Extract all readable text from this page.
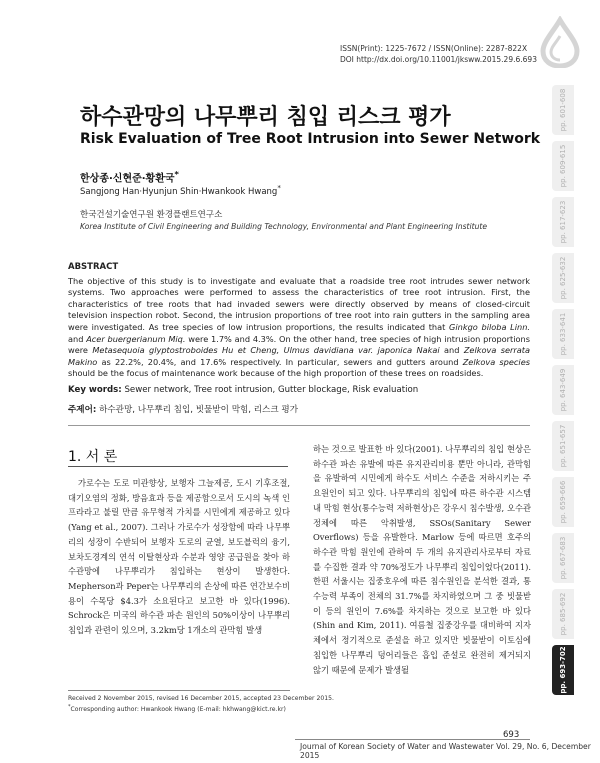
ISSN(Print): 1225-7672 / ISSN(Online): 2287-822X
DOI http://dx.doi.org/10.11001/jksww.2015.29.6.693
하수관망의 나무뿌리 침입 리스크 평가
Risk Evaluation of Tree Root Intrusion into Sewer Network
한상종·신현준·황환국*
Sangjong Han·Hyunjun Shin·Hwankook Hwang*
한국건설기술연구원 환경플랜트연구소
Korea Institute of Civil Engineering and Building Technology, Environmental and Plant Engineering Institute
ABSTRACT
The objective of this study is to investigate and evaluate that a roadside tree root intrudes sewer network systems. Two approaches were performed to assess the characteristics of tree root intrusion. First, the characteristics of tree roots that had invaded sewers were directly observed by means of closed-circuit television inspection robot. Second, the intrusion proportions of tree root into rain gutters in the sampling area were investigated. As tree species of low intrusion proportions, the results indicated that Ginkgo biloba Linn. and Acer buergerianum Miq. were 1.7% and 4.3%. On the other hand, tree species of high intrusion proportions were Metasequoia glyptostroboides Hu et Cheng, Ulmus davidiana var. japonica Nakai and Zelkova serrata Makino as 22.2%, 20.4%, and 17.6% respectively. In particular, sewers and gutters around Zelkova species should be the focus of maintenance work because of the high proportion of these trees on roadsides.
Key words: Sewer network, Tree root intrusion, Gutter blockage, Risk evaluation
주제어: 하수관망, 나무뿌리 침입, 빗물받이 막힘, 리스크 평가
1. 서 론

가로수는 도로 미관향상, 보행자 그늘제공, 도시 기후조절, 대기오염의 정화, 방음효과 등을 제공함으로서 도시의 녹색 인프라라고 불릴 만큼 유무형적 가치를 시민에게 제공하고 있다(Yang et al., 2007). 그러나 가로수가 성장함에 따라 나무뿌리의 성장이 수반되어 보행자 도로의 균열, 보도블럭의 융기, 보차도경계의 연석 이탈현상과 수분과 영양 공급원을 찾아 하수관망에 나무뿌리가 침입하는 현상이 발생한다. Mepherson과 Peper는 나무뿌리의 손상에 따른 연간보수비용이 수목당 $4.3가 소요된다고 보고한 바 있다(1996). Schrock은 미국의 하수관 파손 원인의 50%이상이 나무뿌리 침입과 관련이 있으며, 3.2km당 1개소의 관막힘 발생

하는 것으로 발표한 바 있다(2001). 나무뿌리의 침입 현상은 하수관 파손 유발에 따른 유지관리비용 뿐만 아니라, 관막힘을 유발하여 시민에게 하수도 서비스 수준을 저하시키는 주요원인이 되고 있다. 나무뿌리의 침입에 따른 하수관 시스템내 막힘 현상(통수능력 저하현상)은 강우시 침수발생, 오수관 정체에 따른 악취발생, SSOs(Sanitary Sewer Overflows) 등을 유발한다. Marlow 등에 따르면 호주의 하수관 막힘 원인에 관하여 두 개의 유지관리사로부터 자료를 수집한 결과 약 70%정도가 나무뿌리 침입이었다(2011). 한편 서울시는 집중호우에 따른 침수원인을 분석한 결과, 통수능력 부족이 전체의 31.7%를 차지하였으며 그 중 빗물받이 등의 원인이 7.6%를 차지하는 것으로 보고한 바 있다(Shin and Kim, 2011). 여름철 집중강우를 대비하여 지자체에서 정기적으로 준설을 하고 있지만 빗물받이 이토심에 침입한 나무뿌리 덩어리들은 흡입 준설로 완전히 제거되지 않기 때문에 문제가 발생될

Received 2 November 2015, revised 16 December 2015, accepted 23 December 2015.
*Corresponding author: Hwankook Hwang (E-mail: hkhwang@kict.re.kr)
693
Journal of Korean Society of Water and Wastewater Vol. 29, No. 6, December 2015
pp. 601-608
pp. 609-615
pp. 617-623
pp. 625-632
pp. 633-641
pp. 643-649
pp. 651-657
pp. 659-666
pp. 667-683
pp. 685-692
pp. 693-702
